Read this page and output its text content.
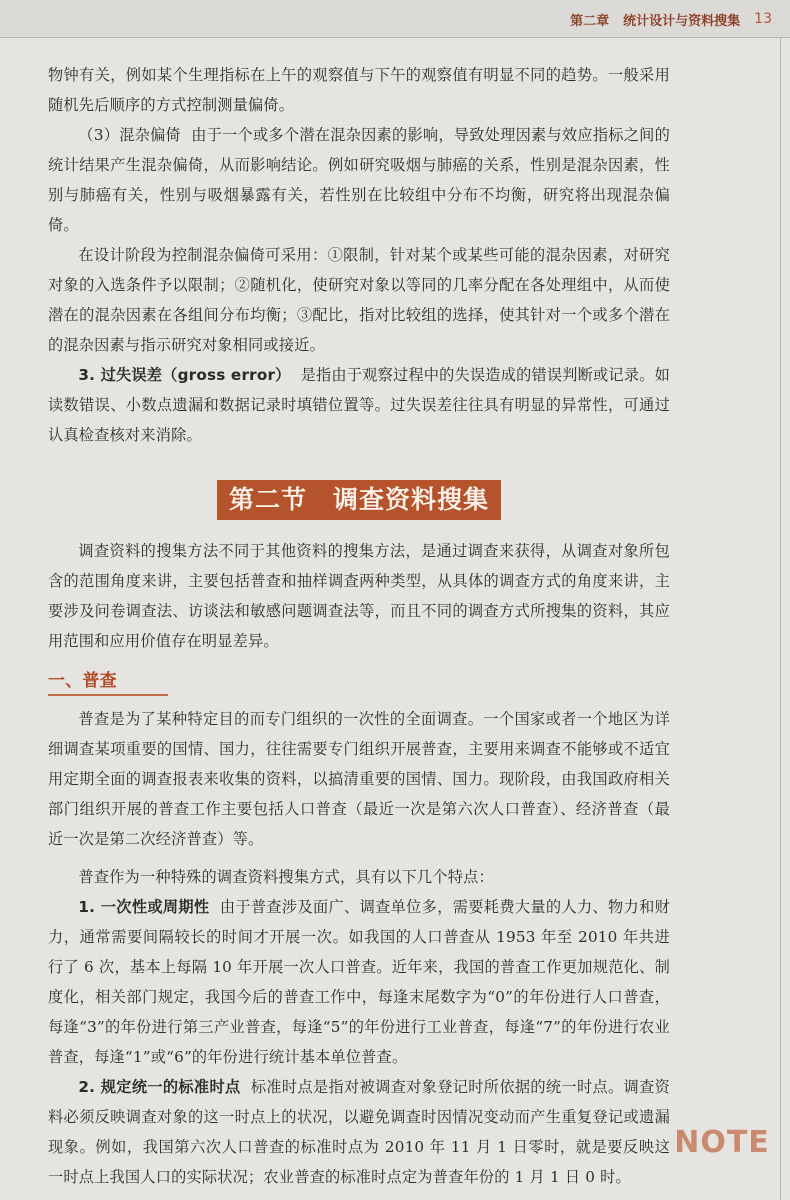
第二章 统计设计与资料搜集 13

物钟有关，例如某个生理指标在上午的观察值与下午的观察值有明显不同的趋势。一般采用随机先后顺序的方式控制测量偏倚。

（3）混杂偏倚 由于一个或多个潜在混杂因素的影响，导致处理因素与效应指标之间的统计结果产生混杂偏倚，从而影响结论。例如研究吸烟与肺癌的关系，性别是混杂因素，性别与肺癌有关，性别与吸烟暴露有关，若性别在比较组中分布不均衡，研究将出现混杂偏倚。

在设计阶段为控制混杂偏倚可采用：①限制，针对某个或某些可能的混杂因素，对研究对象的入选条件予以限制；②随机化，使研究对象以等同的几率分配在各处理组中，从而使潜在的混杂因素在各组间分布均衡；③配比，指对比较组的选择，使其针对一个或多个潜在的混杂因素与指示研究对象相同或接近。

3. 过失误差（gross error） 是指由于观察过程中的失误造成的错误判断或记录。如读数错误、小数点遗漏和数据记录时填错位置等。过失误差往往具有明显的异常性，可通过认真检查核对来消除。

第二节 调查资料搜集

调查资料的搜集方法不同于其他资料的搜集方法，是通过调查来获得，从调查对象所包含的范围角度来讲，主要包括普查和抽样调查两种类型，从具体的调查方式的角度来讲，主要涉及问卷调查法、访谈法和敏感问题调查法等，而且不同的调查方式所搜集的资料，其应用范围和应用价值存在明显差异。

一、普查

普查是为了某种特定目的而专门组织的一次性的全面调查。一个国家或者一个地区为详细调查某项重要的国情、国力，往往需要专门组织开展普查，主要用来调查不能够或不适宜用定期全面的调查报表来收集的资料，以搞清重要的国情、国力。现阶段，由我国政府相关部门组织开展的普查工作主要包括人口普查（最近一次是第六次人口普查）、经济普查（最近一次是第二次经济普查）等。

普查作为一种特殊的调查资料搜集方式，具有以下几个特点：

1. 一次性或周期性 由于普查涉及面广、调查单位多，需要耗费大量的人力、物力和财力，通常需要间隔较长的时间才开展一次。如我国的人口普查从 1953 年至 2010 年共进行了 6 次，基本上每隔 10 年开展一次人口普查。近年来，我国的普查工作更加规范化、制度化，相关部门规定，我国今后的普查工作中，每逢末尾数字为“0”的年份进行人口普查，每逢“3”的年份进行第三产业普查，每逢“5”的年份进行工业普查，每逢“7”的年份进行农业普查，每逢“1”或“6”的年份进行统计基本单位普查。

2. 规定统一的标准时点 标准时点是指对被调查对象登记时所依据的统一时点。调查资料必须反映调查对象的这一时点上的状况，以避免调查时因情况变动而产生重复登记或遗漏现象。例如，我国第六次人口普查的标准时点为 2010 年 11 月 1 日零时，就是要反映这一时点上我国人口的实际状况；农业普查的标准时点定为普查年份的 1 月 1 日 0 时。

NOTE
